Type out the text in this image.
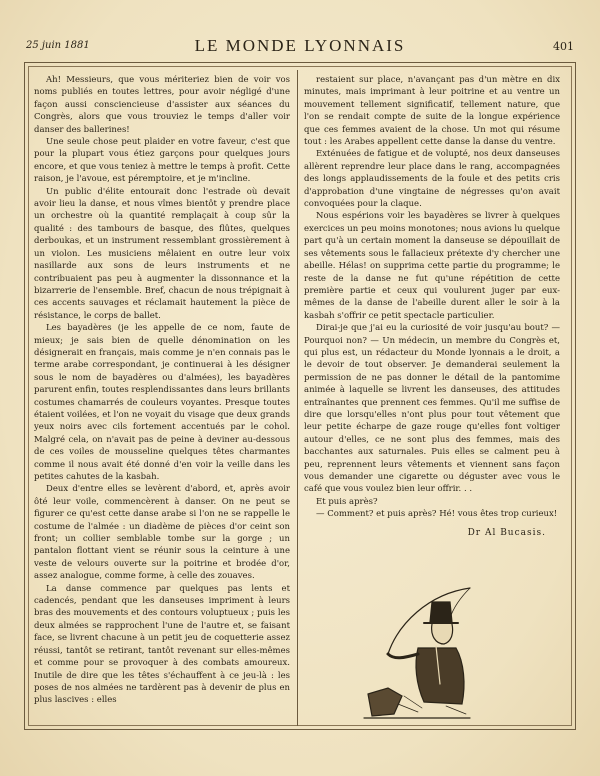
25 juin 1881	LE MONDE LYONNAIS	401

Ah! Messieurs, que vous mériteriez bien de voir vos noms publiés en toutes lettres, pour avoir négligé d'une façon aussi consciencieuse d'assister aux séances du Congrès, alors que vous trouviez le temps d'aller voir danser des ballerines!

Une seule chose peut plaider en votre faveur, c'est que pour la plupart vous étiez garçons pour quelques jours encore, et que vous teniez à mettre le temps à profit. Cette raison, je l'avoue, est péremptoire, et je m'incline.

Un public d'élite entourait donc l'estrade où devait avoir lieu la danse, et nous vîmes bientôt y prendre place un orchestre où la quantité remplaçait à coup sûr la qualité : des tambours de basque, des flûtes, quelques derboukas, et un instrument ressemblant grossièrement à un violon. Les musiciens mêlaient en outre leur voix nasillarde aux sons de leurs instruments et ne contribuaient pas peu à augmenter la dissonnance et la bizarrerie de l'ensemble. Bref, chacun de nous trépignait à ces accents sauvages et réclamait hautement la pièce de résistance, le corps de ballet.

Les bayadères (je les appelle de ce nom, faute de mieux; je sais bien de quelle dénomination on les désignerait en français, mais comme je n'en connais pas le terme arabe correspondant, je continuerai à les désigner sous le nom de bayadères ou d'almées), les bayadères parurent enfin, toutes resplendissantes dans leurs brillants costumes chamarrés de couleurs voyantes. Presque toutes étaient voilées, et l'on ne voyait du visage que deux grands yeux noirs avec cils fortement accentués par le cohol. Malgré cela, on n'avait pas de peine à deviner au-dessous de ces voiles de mousseline quelques têtes charmantes comme il nous avait été donné d'en voir la veille dans les petites cahutes de la kasbah.

Deux d'entre elles se levèrent d'abord, et, après avoir ôté leur voile, commencèrent à danser. On ne peut se figurer ce qu'est cette danse arabe si l'on ne se rappelle le costume de l'almée : un diadème de pièces d'or ceint son front; un collier semblable tombe sur la gorge ; un pantalon flottant vient se réunir sous la ceinture à une veste de velours ouverte sur la poitrine et brodée d'or, assez analogue, comme forme, à celle des zouaves.

La danse commence par quelques pas lents et cadencés, pendant que les danseuses impriment à leurs bras des mouvements et des contours voluptueux ; puis les deux almées se rapprochent l'une de l'autre et, se faisant face, se livrent chacune à un petit jeu de coquetterie assez réussi, tantôt se retirant, tantôt revenant sur elles-mêmes et comme pour se provoquer à des combats amoureux. Inutile de dire que les têtes s'échauffent à ce jeu-là : les poses de nos almées ne tardèrent pas à devenir de plus en plus lascives : elles

restaient sur place, n'avançant pas d'un mètre en dix minutes, mais imprimant à leur poitrine et au ventre un mouvement tellement significatif, tellement nature, que l'on se rendait compte de suite de la longue expérience que ces femmes avaient de la chose. Un mot qui résume tout : les Arabes appellent cette danse la danse du ventre.

Exténuées de fatigue et de volupté, nos deux danseuses allèrent reprendre leur place dans le rang, accompagnées des longs applaudissements de la foule et des petits cris d'approbation d'une vingtaine de négresses qu'on avait convoquées pour la claque.

Nous espérions voir les bayadères se livrer à quelques exercices un peu moins monotones; nous avions lu quelque part qu'à un certain moment la danseuse se dépouillait de ses vêtements sous le fallacieux prétexte d'y chercher une abeille. Hélas! on supprima cette partie du programme; le reste de la danse ne fut qu'une répétition de cette première partie et ceux qui voulurent juger par eux-mêmes de la danse de l'abeille durent aller le soir à la kasbah s'offrir ce petit spectacle particulier.

Dirai-je que j'ai eu la curiosité de voir jusqu'au bout? — Pourquoi non? — Un médecin, un membre du Congrès et, qui plus est, un rédacteur du Monde lyonnais a le droit, a le devoir de tout observer. Je demanderai seulement la permission de ne pas donner le détail de la pantomime animée à laquelle se livrent les danseuses, des attitudes entraînantes que prennent ces femmes. Qu'il me suffise de dire que lorsqu'elles n'ont plus pour tout vêtement que leur petite écharpe de gaze rouge qu'elles font voltiger autour d'elles, ce ne sont plus des femmes, mais des bacchantes aux saturnales. Puis elles se calment peu à peu, reprennent leurs vêtements et viennent sans façon vous demander une cigarette ou déguster avec vous le café que vous voulez bien leur offrir. . .

Et puis après?

— Comment? et puis après? Hé! vous êtes trop curieux!

Dr Al Bucasis.
